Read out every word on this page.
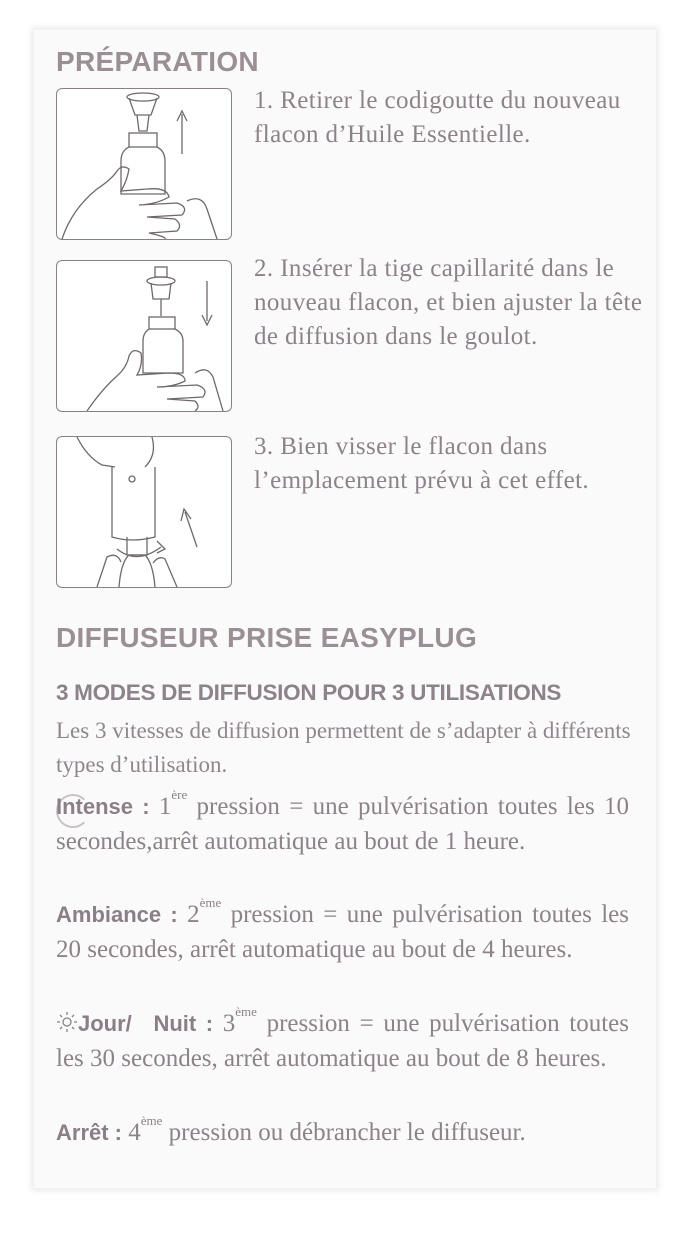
PRÉPARATION
1. Retirer le codigoutte du nouveau flacon d’Huile Essentielle.
2. Insérer la tige capillarité dans le nouveau flacon, et bien ajuster la tête de diffusion dans le goulot.
3. Bien visser le flacon dans l’emplacement prévu à cet effet.
DIFFUSEUR PRISE EASYPLUG
3 MODES DE DIFFUSION POUR 3 UTILISATIONS
Les 3 vitesses de diffusion permettent de s’adapter à différents types d’utilisation.
Intense : 1ère pression = une pulvérisation toutes les 10 secondes,arrêt automatique au bout de 1 heure.
Ambiance : 2ème pression = une pulvérisation toutes les 20 secondes, arrêt automatique au bout de 4 heures.
Jour/ Nuit : 3ème pression = une pulvérisation toutes les 30 secondes, arrêt automatique au bout de 8 heures.
Arrêt : 4ème pression ou débrancher le diffuseur.
